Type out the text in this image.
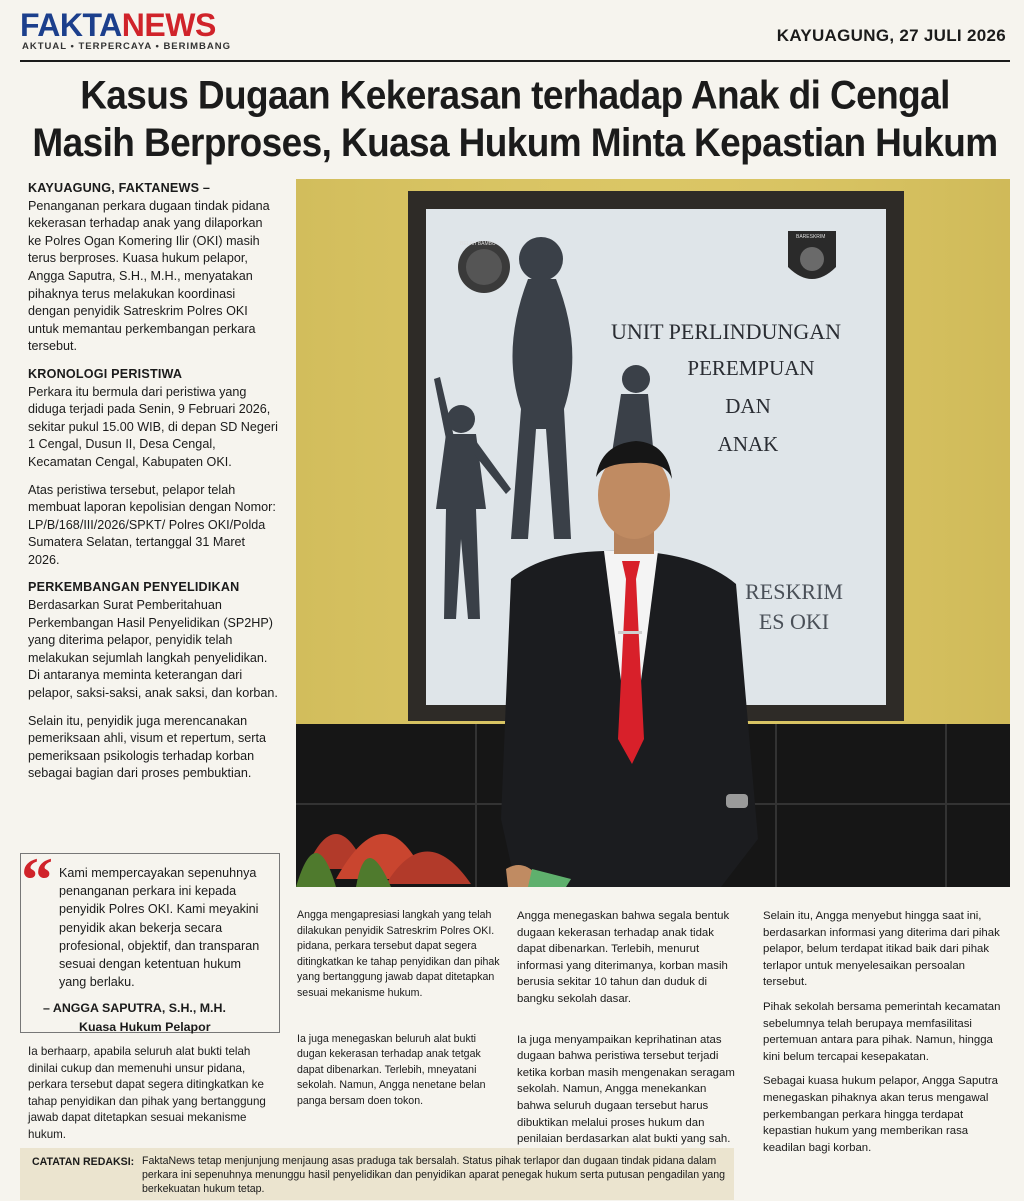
FAKTANEWS
AKTUAL • TERPERCAYA • BERIMBANG
KAYUAGUNG, 27 JULI 2026
Kasus Dugaan Kekerasan terhadap Anak di Cengal
Masih Berproses, Kuasa Hukum Minta Kepastian Hukum
KAYUAGUNG, FAKTANEWS –

Penanganan perkara dugaan tindak pidana kekerasan terhadap anak yang dilaporkan ke Polres Ogan Komering Ilir (OKI) masih terus berproses. Kuasa hukum pelapor, Angga Saputra, S.H., M.H., menyatakan pihaknya terus melakukan koordinasi dengan penyidik Satreskrim Polres OKI untuk memantau perkembangan perkara tersebut.

KRONOLOGI PERISTIWA

Perkara itu bermula dari peristiwa yang diduga terjadi pada Senin, 9 Februari 2026, sekitar pukul 15.00 WIB, di depan SD Negeri 1 Cengal, Dusun II, Desa Cengal, Kecamatan Cengal, Kabupaten OKI.

Atas peristiwa tersebut, pelapor telah membuat laporan kepolisian dengan Nomor: LP/B/168/III/2026/SPKT/ Polres OKI/Polda Sumatera Selatan, tertanggal 31 Maret 2026.

PERKEMBANGAN PENYELIDIKAN

Berdasarkan Surat Pemberitahuan Perkembangan Hasil Penyelidikan (SP2HP) yang diterima pelapor, penyidik telah melakukan sejumlah langkah penyelidikan. Di antaranya meminta keterangan dari pelapor, saksi-saksi, anak saksi, dan korban.

Selain itu, penyidik juga merencanakan pemeriksaan ahli, visum et repertum, serta pemeriksaan psikologis terhadap korban sebagai bagian dari proses pembuktian.

“ Kami mempercayakan sepenuhnya penanganan perkara ini kepada penyidik Polres OKI. Kami meyakini penyidik akan bekerja secara profesional, objektif, dan transparan sesuai dengan ketentuan hukum yang berlaku.
– ANGGA SAPUTRA, S.H., M.H.
Kuasa Hukum Pelapor

Ia berhaarp, apabila seluruh alat bukti telah dinilai cukup dan memenuhi unsur pidana, perkara tersebut dapat segera ditingkatkan ke tahap penyidikan dan pihak yang bertanggung jawab dapat ditetapkan sesuai mekanisme hukum.

Angga mengapresiasi langkah yang telah dilakukan penyidik Satreskrim Polres OKI. pidana, perkara tersebut dapat segera ditingkatkan ke tahap penyidikan dan pihak yang bertanggung jawab dapat ditetapkan sesuai mekanisme hukum.

Ia juga menegaskan beluruh alat bukti dugan kekerasan terhadap anak tetgak dapat dibenarkan. Terlebih, mneyatani sekolah. Namun, Angga nenetane belan panga bersam doen tokon.

Angga menegaskan bahwa segala bentuk dugaan kekerasan terhadap anak tidak dapat dibenarkan. Terlebih, menurut informasi yang diterimanya, korban masih berusia sekitar 10 tahun dan duduk di bangku sekolah dasar.

Ia juga menyampaikan keprihatinan atas dugaan bahwa peristiwa tersebut terjadi ketika korban masih mengenakan seragam sekolah. Namun, Angga menekankan bahwa seluruh dugaan tersebut harus dibuktikan melalui proses hukum dan penilaian berdasarkan alat bukti yang sah.

Selain itu, Angga menyebut hingga saat ini, berdasarkan informasi yang diterima dari pihak pelapor, belum terdapat itikad baik dari pihak terlapor untuk menyelesaikan persoalan tersebut.

Pihak sekolah bersama pemerintah kecamatan sebelumnya telah berupaya memfasilitasi pertemuan antara para pihak. Namun, hingga kini belum tercapai kesepakatan.

Sebagai kuasa hukum pelapor, Angga Saputra menegaskan pihaknya akan terus mengawal perkembangan perkara hingga terdapat kepastian hukum yang memberikan rasa keadilan bagi korban.

UNIT PERLINDUNGAN
PEREMPUAN
DAN
ANAK
RESKRIM
ES OKI
BELAH BAMBU
BARESKRIM
CATATAN REDAKSI: FaktaNews tetap menjunjung menjaung asas praduga tak bersalah. Status pihak terlapor dan dugaan tindak pidana dalam perkara ini sepenuhnya menunggu hasil penyelidikan dan penyidikan aparat penegak hukum serta putusan pengadilan yang berkekuatan hukum tetap.
